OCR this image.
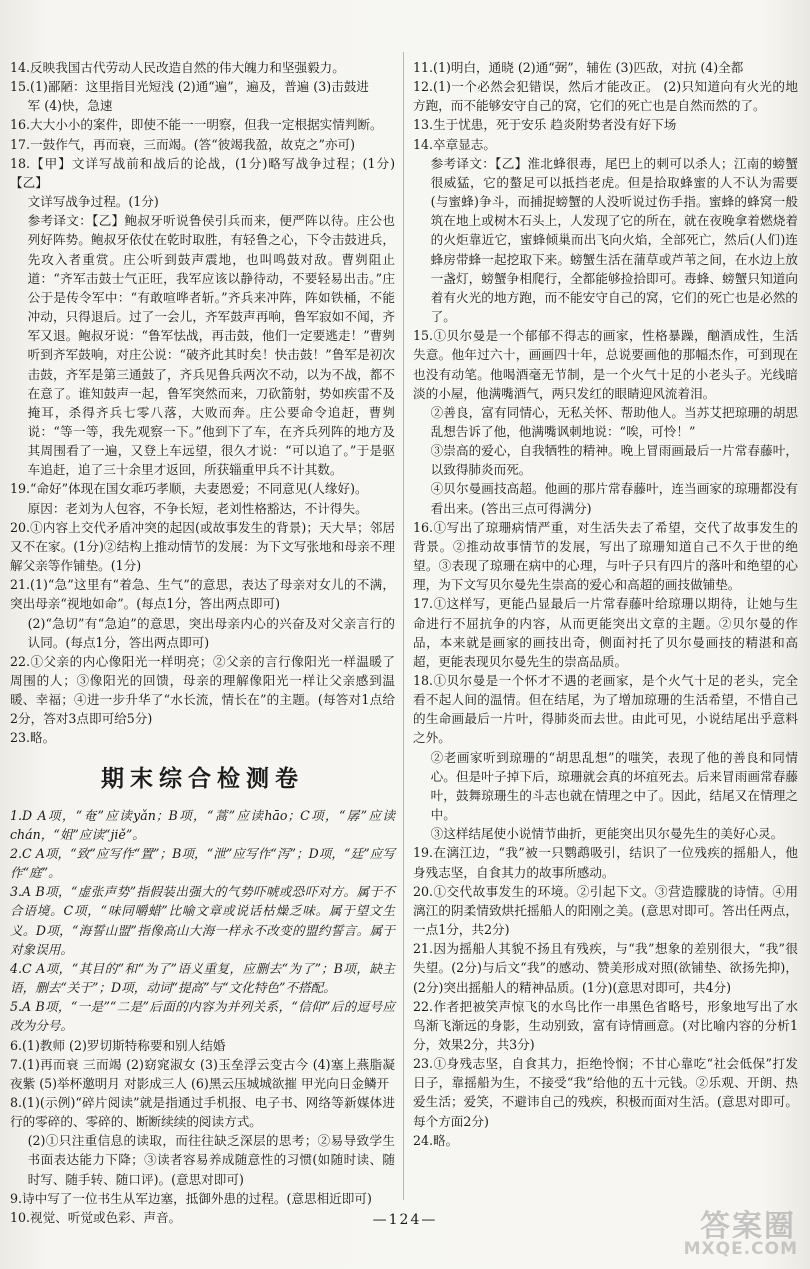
14.反映我国古代劳动人民改造自然的伟大魄力和坚强毅力。

15.(1)鄙陋：这里指目光短浅 (2)通“遍”，遍及，普遍 (3)击鼓进

军 (4)快，急速

16.大大小小的案件，即使不能一一明察，但我一定根据实情判断。

17.一鼓作气，再而衰，三而竭。(答“彼竭我盈，故克之”亦可)

18.【甲】文详写战前和战后的论战，(1分)略写战争过程；(1分)【乙】

文详写战争过程。(1分)

参考译文：【乙】鲍叔牙听说鲁侯引兵而来，便严阵以待。庄公也列好阵势。鲍叔牙依仗在乾时取胜，有轻鲁之心，下令击鼓进兵，先攻入者重赏。庄公听到鼓声震地，也叫鸣鼓对敌。曹刿阻止道：“齐军击鼓士气正旺，我军应该以静待动，不要轻易出击。”庄公于是传令军中：“有敢喧哗者斩。”齐兵来冲阵，阵如铁桶，不能冲动，只得退后。过了一会儿，齐军鼓声再响，鲁军寂如不闻，齐军又退。鲍叔牙说：“鲁军怯战，再击鼓，他们一定要逃走！”曹刿听到齐军鼓响，对庄公说：“破齐此其时矣！快击鼓！”鲁军是初次击鼓，齐军是第三通鼓了，齐兵见鲁兵两次不动，以为不战，都不在意了。谁知鼓声一起，鲁军突然而来，刀砍箭射，势如疾雷不及掩耳，杀得齐兵七零八落，大败而奔。庄公要命令追赶，曹刿说：“等一等，我先观察一下。”他到下了车，在齐兵列阵的地方及其周围看了一遍，又登上车远望，很久才说：“可以追了。”于是驱车追赶，追了三十余里才返回，所获辎重甲兵不计其数。

19.“命好”体现在国女乖巧孝顺，夫妻恩爱；不同意见(人缘好)。

原因：老刘为人包容，不争长短，老刘性格豁达，不计得失。

20.①内容上交代矛盾冲突的起因(或故事发生的背景)；天大旱；邻居又不在家。(1分)②结构上推动情节的发展：为下文写张地和母亲不理解父亲等作铺垫。(1分)

21.(1)“急”这里有“着急、生气”的意思，表达了母亲对女儿的不满，突出母亲“视地如命”。(每点1分，答出两点即可)

(2)“急切”有“急迫”的意思，突出母亲内心的兴奋及对父亲言行的认同。(每点1分，答出两点即可)

22.①父亲的内心像阳光一样明亮；②父亲的言行像阳光一样温暖了周围的人；③像阳光的回馈，母亲的理解像阳光一样让父亲感到温暖、幸福；④进一步升华了“水长流，情长在”的主题。(每答对1点给2分，答对3点即可给5分)

23.略。

期末综合检测卷

1.D A项，“奄”应读yǎn；B项，“蒿”应读hāo；C项，“孱”应读chán，“姐”应读“jiě”。

2.C A项，“致”应写作“置”；B项，“泄”应写作“泻”；D项，“廷”应写作“庭”。

3.A B项，“虚张声势”指假装出强大的气势吓唬或恐吓对方。属于不合语境。C项，“味同嚼蜡”比喻文章或说话枯燥乏味。属于望文生义。D项，“海誓山盟”指像高山大海一样永不改变的盟约誓言。属于对象误用。

4.C A项，“其目的”和“为了”语义重复，应删去“为了”；B项，缺主语，删去“关于”；D项，动词“提高”与“文化特色”不搭配。

5.A B项，“一是”“二是”后面的内容为并列关系，“信仰”后的逗号应改为分号。

6.(1)教师 (2)罗切斯特称要和别人结婚

7.(1)再而衰 三而竭 (2)窈窕淑女 (3)玉垒浮云变古今 (4)塞上燕脂凝夜紫 (5)举杯邀明月 对影成三人 (6)黑云压城城欲摧 甲光向日金鳞开

8.(1)(示例)“碎片阅读”就是指通过手机报、电子书、网络等新媒体进行的零碎的、零碎的、断断续续的阅读方式。

(2)①只注重信息的读取，而往往缺乏深层的思考；②易导致学生书面表达能力下降；③读者容易养成随意性的习惯(如随时读、随时写、随手转、随口评)。(意思对即可)

9.诗中写了一位书生从军边塞，抵御外患的过程。(意思相近即可)

10.视觉、听觉或色彩、声音。

11.(1)明白，通晓 (2)通“弼”，辅佐 (3)匹敌，对抗 (4)全都

12.(1)一个必然会犯错误，然后才能改正。 (2)只知道向有火光的地方跑，而不能够安守自己的窝，它们的死亡也是自然而然的了。

13.生于忧患，死于安乐 趋炎附势者没有好下场

14.卒章显志。

参考译文：【乙】淮北蜂很毒，尾巴上的刺可以杀人；江南的螃蟹很威猛，它的螯足可以抵挡老虎。但是拾取蜂蜜的人不认为需要(与蜜蜂)争斗，而捕捉螃蟹的人没听说过伤手指。蜜蜂的蜂窝一般筑在地上或树木石头上，人发现了它的所在，就在夜晚拿着燃烧着的火炬靠近它，蜜蜂倾巢而出飞向火焰，全部死亡，然后(人们)连蜂房带蜂一起挖取下来。螃蟹生活在蒲草或芦苇之间，在水边上放一盏灯，螃蟹争相爬行，全都能够捡拾即可。毒蜂、螃蟹只知道向着有火光的地方跑，而不能安守自己的窝，它们的死亡也是必然的了。

15.①贝尔曼是一个郁郁不得志的画家，性格暴躁，酗酒成性，生活失意。他年过六十，画画四十年，总说要画他的那幅杰作，可到现在也没有动笔。他喝酒毫无节制，是一个火气十足的小老头子。光线暗淡的小屋，他满嘴酒气，两只发红的眼睛迎风流着泪。

②善良，富有同情心，无私关怀、帮助他人。当苏艾把琼珊的胡思乱想告诉了他，他满嘴讽刺地说：“唉，可怜！”

③崇高的爱心，自我牺牲的精神。晚上冒雨画最后一片常春藤叶，以致得肺炎而死。

④贝尔曼画技高超。他画的那片常春藤叶，连当画家的琼珊都没有看出来。(答出三点可得满分)

16.①写出了琼珊病情严重，对生活失去了希望，交代了故事发生的背景。②推动故事情节的发展，写出了琼珊知道自己不久于世的绝望。③表现了琼珊在病中的心理，与叶子只有四片的落叶和绝望的心理，为下文写贝尔曼先生崇高的爱心和高超的画技做铺垫。

17.①这样写，更能凸显最后一片常春藤叶给琼珊以期待，让她与生命进行不屈抗争的内容，从而更能突出文章的主题。②贝尔曼的作品，本来就是画家的画技出奇，侧面衬托了贝尔曼画技的精湛和高超，更能表现贝尔曼先生的崇高品质。

18.①贝尔曼是一个怀才不遇的老画家，是个火气十足的老头，完全看不起人间的温情。但在结尾，为了增加琼珊的生活希望，不惜自己的生命画最后一片叶，得肺炎而去世。由此可见，小说结尾出乎意料之外。

②老画家听到琼珊的“胡思乱想”的嗤笑，表现了他的善良和同情心。但是叶子掉下后，琼珊就会真的坏疽死去。后来冒雨画常春藤叶，鼓舞琼珊生的斗志也就在情理之中了。因此，结尾又在情理之中。

③这样结尾使小说情节曲折，更能突出贝尔曼先生的美好心灵。

19.在漓江边，“我”被一只鹦鹉吸引，结识了一位残疾的摇船人，他身残志坚，自食其力的故事所感动。

20.①交代故事发生的环境。②引起下文。③营造朦胧的诗情。④用漓江的阴柔情致烘托摇船人的阳刚之美。(意思对即可。答出任两点，一点1分，共2分)

21.因为摇船人其貌不扬且有残疾，与“我”想象的差别很大，“我”很失望。(2分)与后文“我”的感动、赞美形成对照(欲铺垫、欲扬先抑)，(2分)突出摇船人的精神品质。(1分)(意思对即可，共4分)

22.作者把被笑声惊飞的水鸟比作一串黑色省略号，形象地写出了水鸟渐飞渐远的身影，生动别致，富有诗情画意。(对比喻内容的分析1分，效果2分，共3分)

23.①身残志坚，自食其力，拒绝怜悯；不甘心靠吃“社会低保”打发日子，靠摇船为生，不接受“我”给他的五十元钱。②乐观、开朗、热爱生活；爱笑，不避讳自己的残疾，积极而面对生活。(意思对即可。每个方面2分)

24.略。

—124—	答案圈
MXQE.COM
